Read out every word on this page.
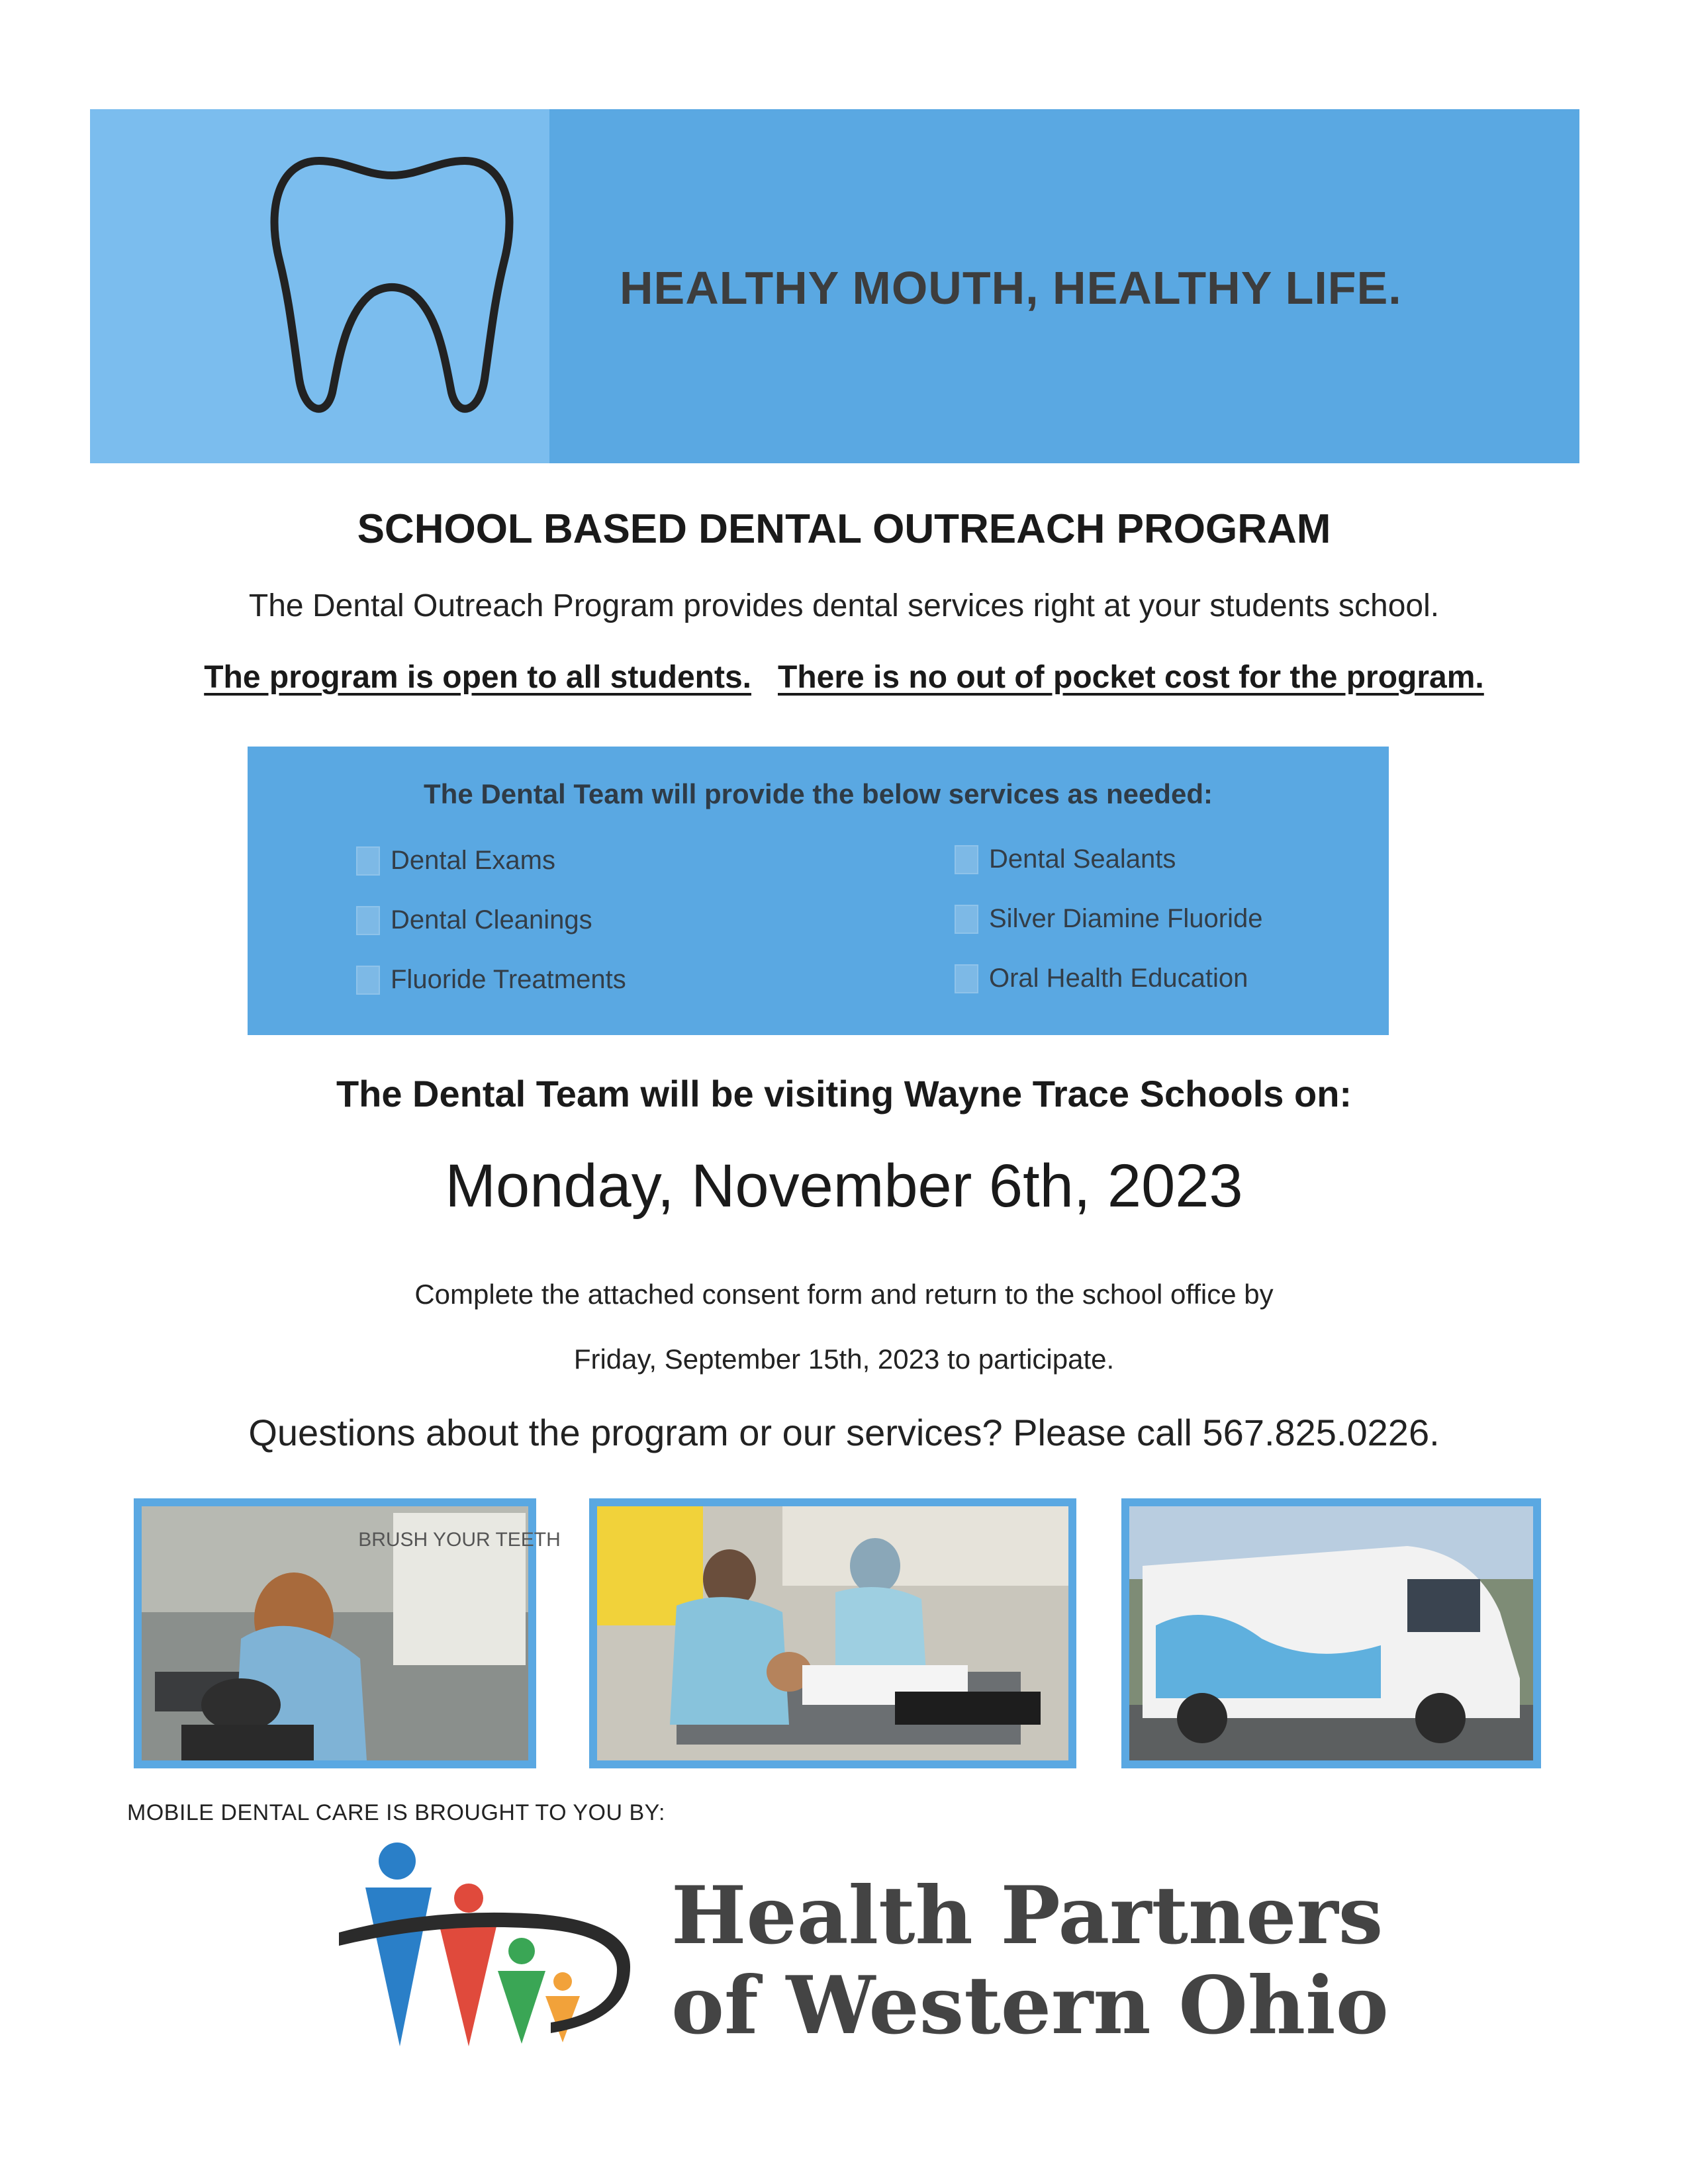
HEALTHY MOUTH, HEALTHY LIFE.
SCHOOL BASED DENTAL OUTREACH PROGRAM
The Dental Outreach Program provides dental services right at your students school.
The program is open to all students. There is no out of pocket cost for the program.
The Dental Team will provide the below services as needed:
Dental Exams
Dental Cleanings
Fluoride Treatments
Dental Sealants
Silver Diamine Fluoride
Oral Health Education
The Dental Team will be visiting Wayne Trace Schools on:
Monday, November 6th, 2023
Complete the attached consent form and return to the school office by
Friday, September 15th, 2023 to participate.
Questions about the program or our services? Please call 567.825.0226.
BRUSH YOUR TEETH
MOBILE DENTAL CARE IS BROUGHT TO YOU BY:
Health Partners
of Western Ohio
